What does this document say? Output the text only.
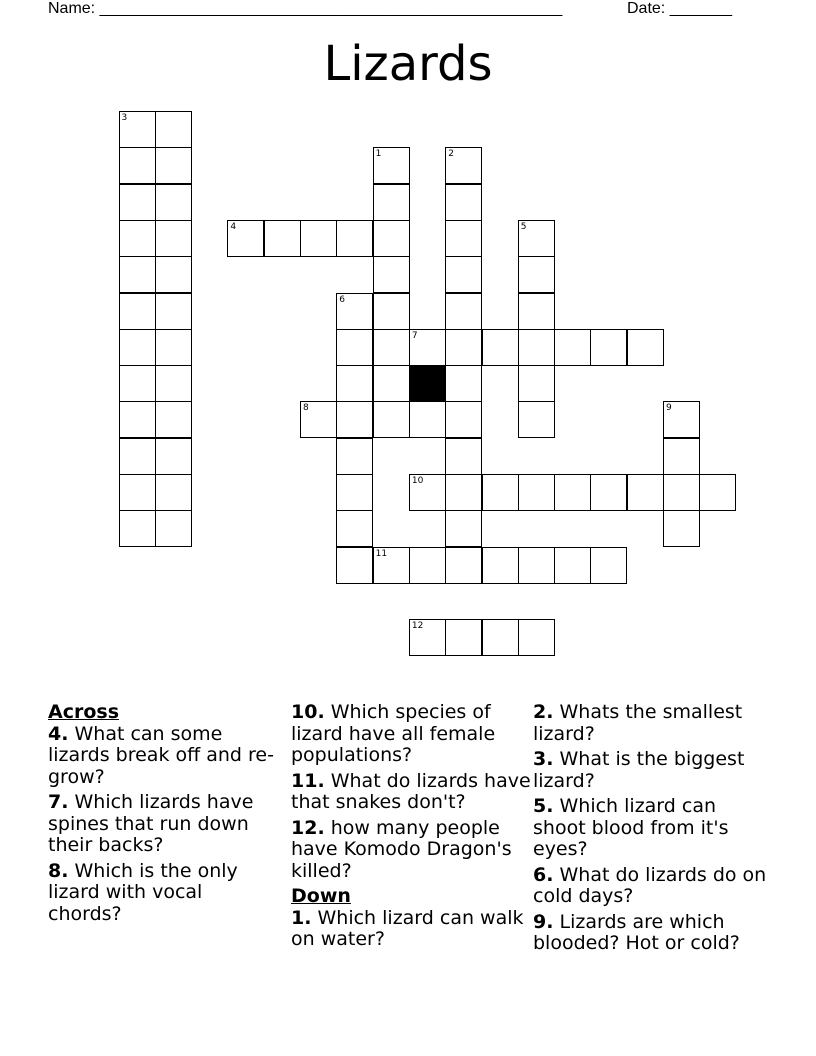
Name: ____________________________________________________	Date: _______
Lizards
3
4
1	2
6
5
7
8	9
10
11
12
Across
4. What can some lizards break off and re-grow?
7. Which lizards have spines that run down their backs?
8. Which is the only lizard with vocal chords?
10. Which species of lizard have all female populations?
11. What do lizards have that snakes don't?
12. how many people have Komodo Dragon's killed?
Down
1. Which lizard can walk on water?
2. Whats the smallest lizard?
3. What is the biggest lizard?
5. Which lizard can shoot blood from it's eyes?
6. What do lizards do on cold days?
9. Lizards are which blooded? Hot or cold?
